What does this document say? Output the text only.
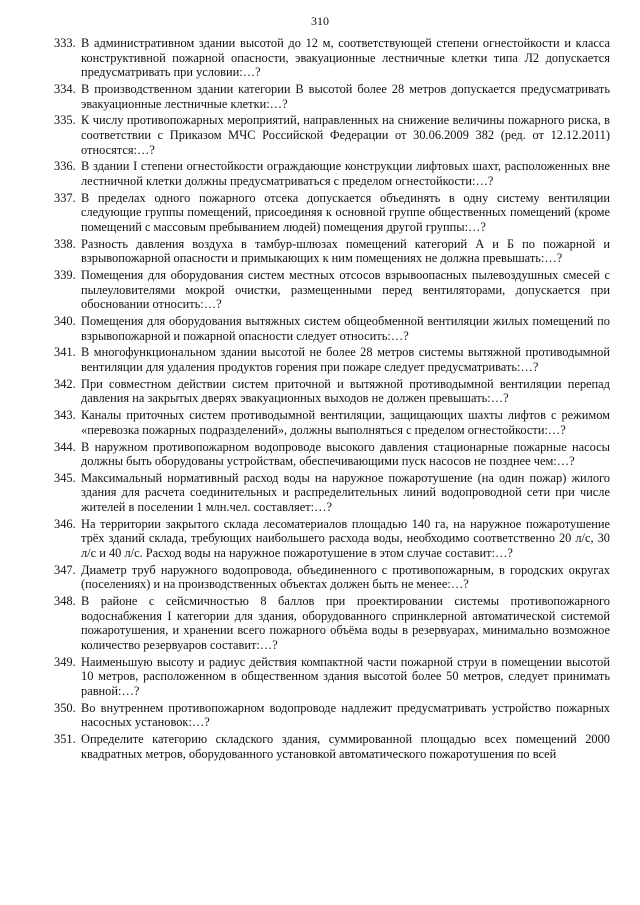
310
333. В административном здании высотой до 12 м, соответствующей степени огнестойкости и класса конструктивной пожарной опасности, эвакуационные лестничные клетки типа Л2 допускается предусматривать при условии:…?
334. В производственном здании категории В высотой более 28 метров допускается предусматривать эвакуационные лестничные клетки:…?
335. К числу противопожарных мероприятий, направленных на снижение величины пожарного риска, в соответствии с Приказом МЧС Российской Федерации от 30.06.2009 382 (ред. от 12.12.2011) относятся:…?
336. В здании I степени огнестойкости ограждающие конструкции лифтовых шахт, расположенных вне лестничной клетки должны предусматриваться с пределом огнестойкости:…?
337. В пределах одного пожарного отсека допускается объединять в одну систему вентиляции следующие группы помещений, присоединяя к основной группе общественных помещений (кроме помещений с массовым пребыванием людей) помещения другой группы:…?
338. Разность давления воздуха в тамбур-шлюзах помещений категорий А и Б по пожарной и взрывопожарной опасности и примыкающих к ним помещениях не должна превышать:…?
339. Помещения для оборудования систем местных отсосов взрывоопасных пылевоздушных смесей с пылеуловителями мокрой очистки, размещенными перед вентиляторами, допускается при обосновании относить:…?
340. Помещения для оборудования вытяжных систем общеобменной вентиляции жилых помещений по взрывопожарной и пожарной опасности следует относить:…?
341. В многофункциональном здании высотой не более 28 метров системы вытяжной противодымной вентиляции для удаления продуктов горения при пожаре следует предусматривать:…?
342. При совместном действии систем приточной и вытяжной противодымной вентиляции перепад давления на закрытых дверях эвакуационных выходов не должен превышать:…?
343. Каналы приточных систем противодымной вентиляции, защищающих шахты лифтов с режимом «перевозка пожарных подразделений», должны выполняться с пределом огнестойкости:…?
344. В наружном противопожарном водопроводе высокого давления стационарные пожарные насосы должны быть оборудованы устройствам, обеспечивающими пуск насосов не позднее чем:…?
345. Максимальный нормативный расход воды на наружное пожаротушение (на один пожар) жилого здания для расчета соединительных и распределительных линий водопроводной сети при числе жителей в поселении 1 млн.чел. составляет:…?
346. На территории закрытого склада лесоматериалов площадью 140 га, на наружное пожаротушение трёх зданий склада, требующих наибольшего расхода воды, необходимо соответственно 20 л/с, 30 л/с и 40 л/с. Расход воды на наружное пожаротушение в этом случае составит:…?
347. Диаметр труб наружного водопровода, объединенного с противопожарным, в городских округах (поселениях) и на производственных объектах должен быть не менее:…?
348. В районе с сейсмичностью 8 баллов при проектировании системы противопожарного водоснабжения I категории для здания, оборудованного спринклерной автоматической системой пожаротушения, и хранении всего пожарного объёма воды в резервуарах, минимально возможное количество резервуаров составит:…?
349. Наименьшую высоту и радиус действия компактной части пожарной струи в помещении высотой 10 метров, расположенном в общественном здания высотой более 50 метров, следует принимать равной:…?
350. Во внутреннем противопожарном водопроводе надлежит предусматривать устройство пожарных насосных установок:…?
351. Определите категорию складского здания, суммированной площадью всех помещений 2000 квадратных метров, оборудованного установкой автоматического пожаротушения по всей
